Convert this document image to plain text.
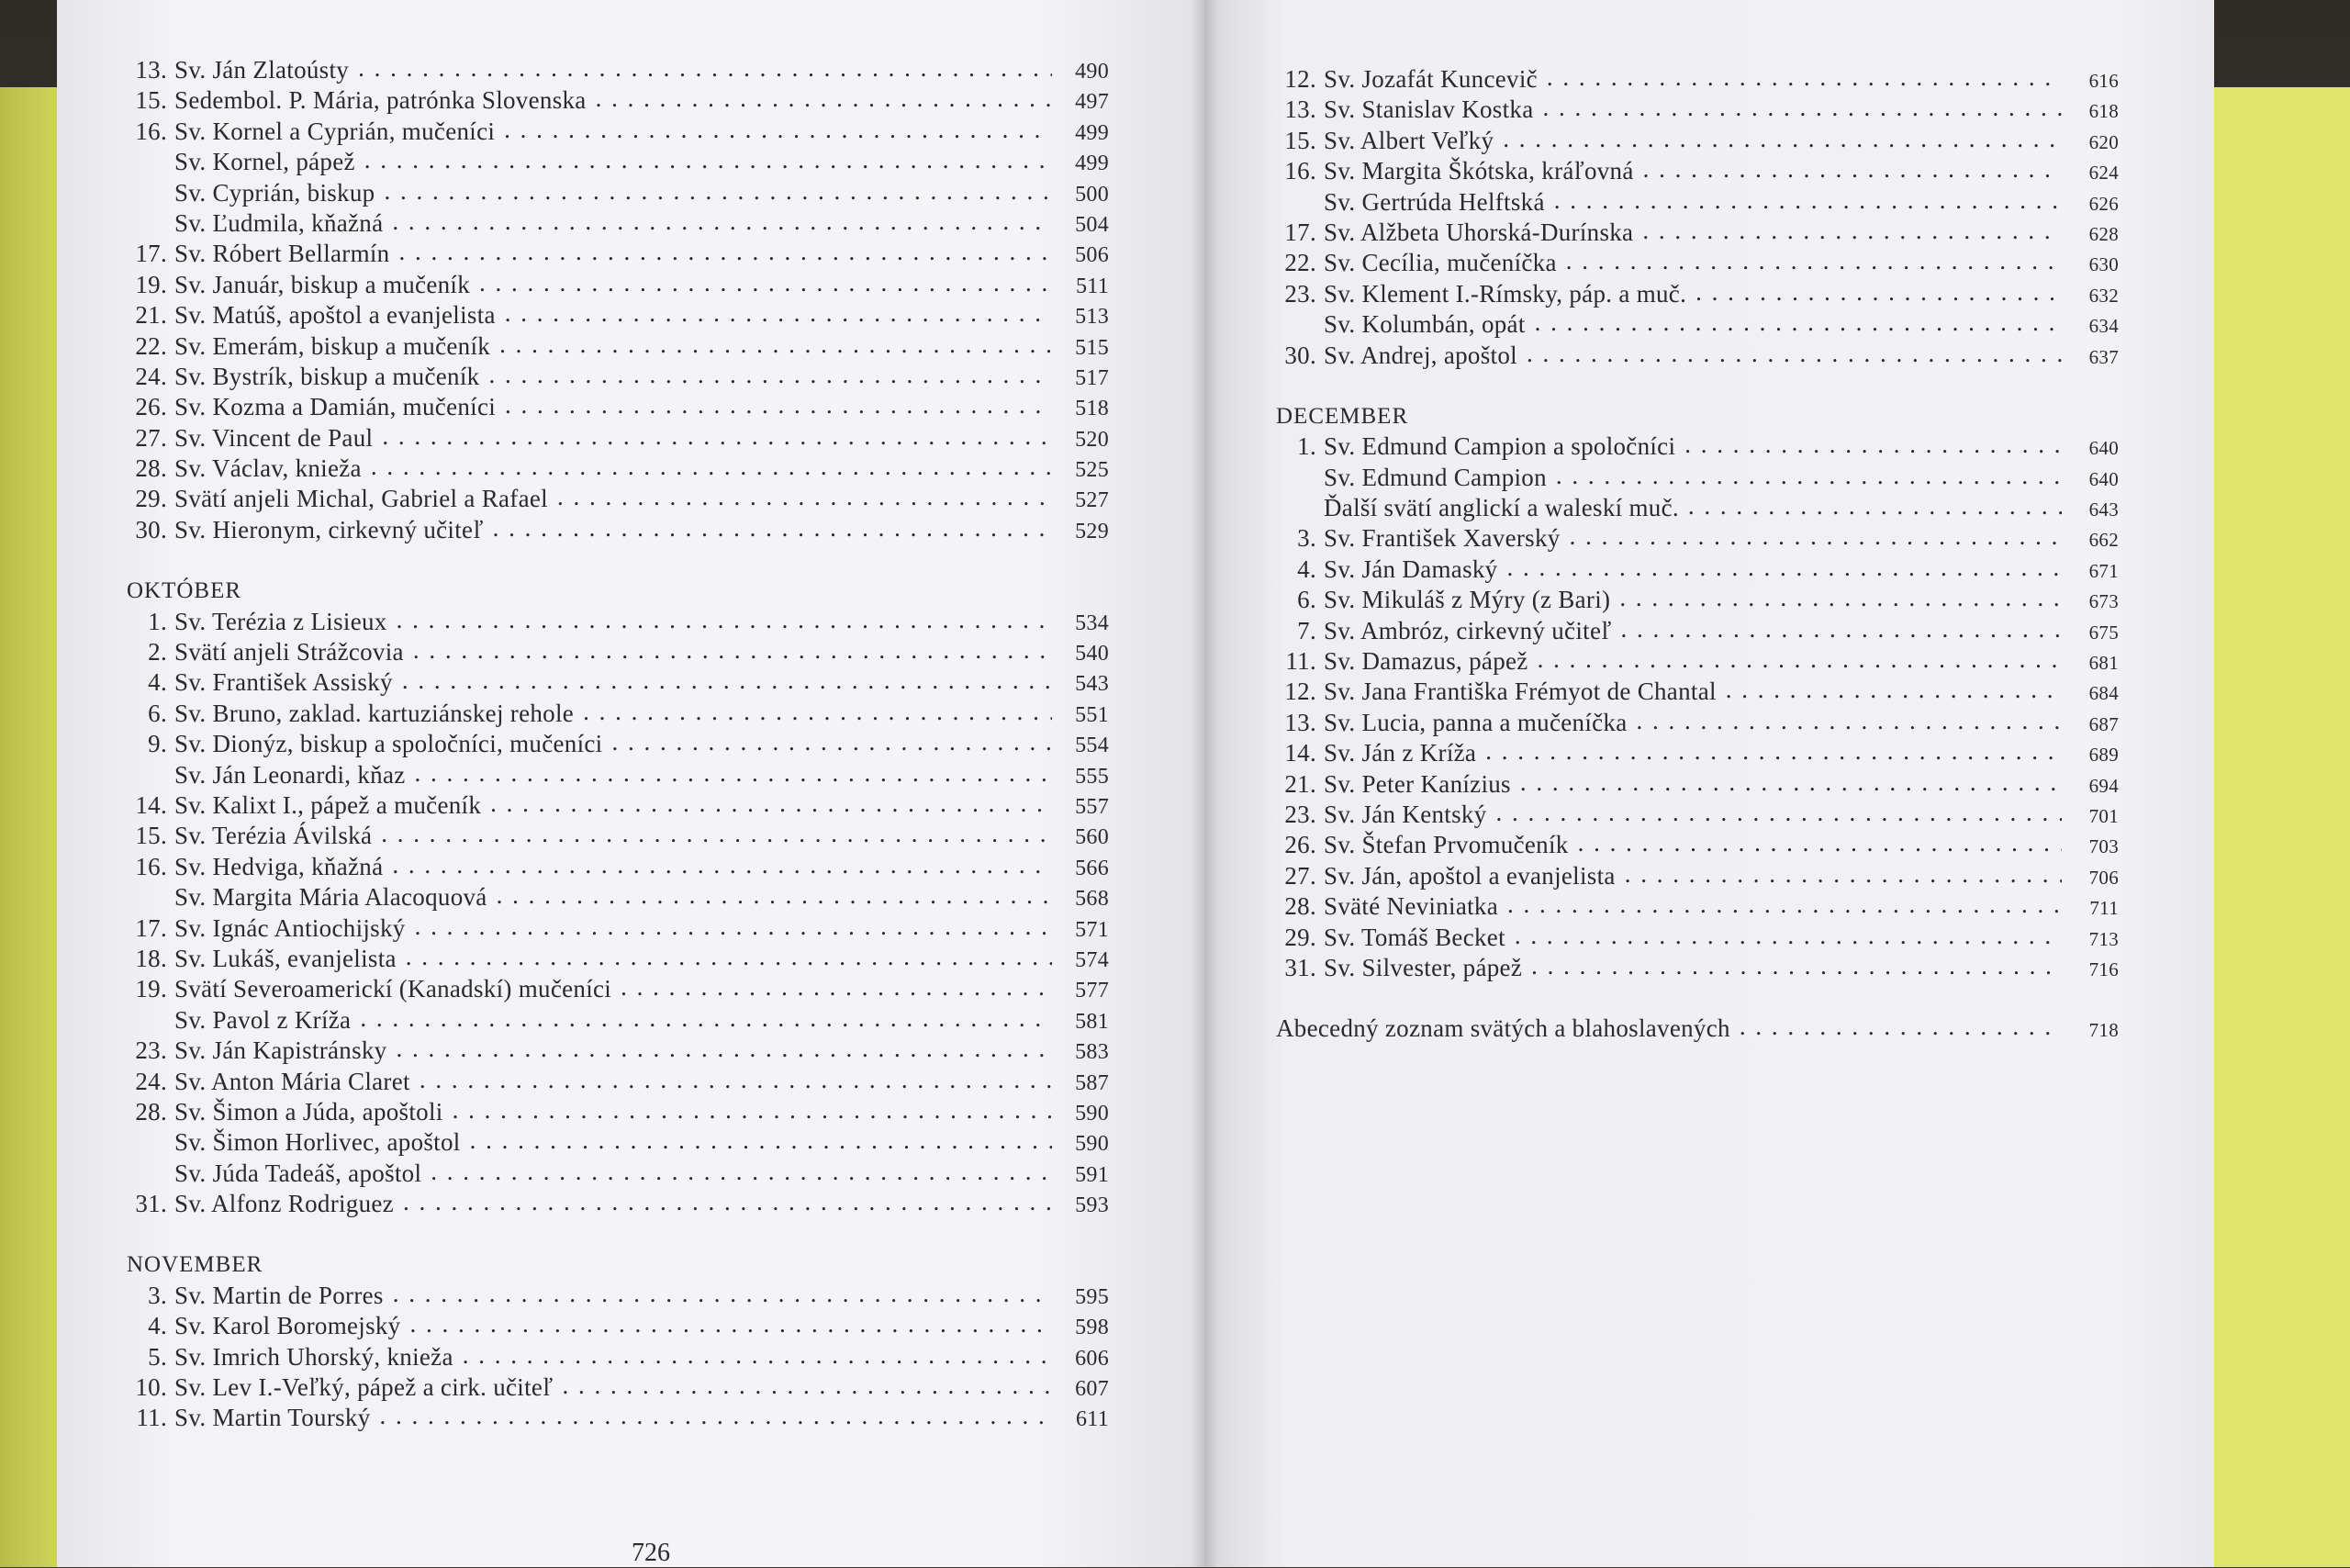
13. Sv. Ján Zlatoústy . . .	490
15. Sedembol. P. Mária, patrónka Slovenska . . .	497
16. Sv. Kornel a Cyprián, mučeníci . . .	499
Sv. Kornel, pápež . . .	499
Sv. Cyprián, biskup . . .	500
Sv. Ľudmila, kňažná . . .	504
17. Sv. Róbert Bellarmín . . .	506
19. Sv. Január, biskup a mučeník . . .	511
21. Sv. Matúš, apoštol a evanjelista . . .	513
22. Sv. Emerám, biskup a mučeník . . .	515
24. Sv. Bystrík, biskup a mučeník . . .	517
26. Sv. Kozma a Damián, mučeníci . . .	518
27. Sv. Vincent de Paul . . .	520
28. Sv. Václav, knieža . . .	525
29. Svätí anjeli Michal, Gabriel a Rafael . . .	527
30. Sv. Hieronym, cirkevný učiteľ . . .	529
OKTÓBER
1. Sv. Terézia z Lisieux . . .	534
2. Svätí anjeli Strážcovia . . .	540
4. Sv. František Assiský . . .	543
6. Sv. Bruno, zaklad. kartuziánskej rehole . . .	551
9. Sv. Dionýz, biskup a spoločníci, mučeníci . . .	554
Sv. Ján Leonardi, kňaz . . .	555
14. Sv. Kalixt I., pápež a mučeník . . .	557
15. Sv. Terézia Ávilská . . .	560
16. Sv. Hedviga, kňažná . . .	566
Sv. Margita Mária Alacoquová . . .	568
17. Sv. Ignác Antiochijský . . .	571
18. Sv. Lukáš, evanjelista . . .	574
19. Svätí Severoamerickí (Kanadskí) mučeníci . . .	577
Sv. Pavol z Kríža . . .	581
23. Sv. Ján Kapistránsky . . .	583
24. Sv. Anton Mária Claret . . .	587
28. Sv. Šimon a Júda, apoštoli . . .	590
Sv. Šimon Horlivec, apoštol . . .	590
Sv. Júda Tadeáš, apoštol . . .	591
31. Sv. Alfonz Rodriguez . . .	593
NOVEMBER
3. Sv. Martin de Porres . . .	595
4. Sv. Karol Boromejský . . .	598
5. Sv. Imrich Uhorský, knieža . . .	606
10. Sv. Lev I.-Veľký, pápež a cirk. učiteľ . . .	607
11. Sv. Martin Tourský . . .	611
12. Sv. Jozafát Kuncevič . . .	616
13. Sv. Stanislav Kostka . . .	618
15. Sv. Albert Veľký . . .	620
16. Sv. Margita Škótska, kráľovná . . .	624
Sv. Gertrúda Helftská . . .	626
17. Sv. Alžbeta Uhorská-Durínska . . .	628
22. Sv. Cecília, mučeníčka . . .	630
23. Sv. Klement I.-Rímsky, páp. a muč. . . .	632
Sv. Kolumbán, opát . . .	634
30. Sv. Andrej, apoštol . . .	637
DECEMBER
1. Sv. Edmund Campion a spoločníci . . .	640
Sv. Edmund Campion . . .	640
Ďalší svätí anglickí a waleskí muč. . . .	643
3. Sv. František Xaverský . . .	662
4. Sv. Ján Damaský . . .	671
6. Sv. Mikuláš z Mýry (z Bari) . . .	673
7. Sv. Ambróz, cirkevný učiteľ . . .	675
11. Sv. Damazus, pápež . . .	681
12. Sv. Jana Františka Frémyot de Chantal . . .	684
13. Sv. Lucia, panna a mučeníčka . . .	687
14. Sv. Ján z Kríža . . .	689
21. Sv. Peter Kanízius . . .	694
23. Sv. Ján Kentský . . .	701
26. Sv. Štefan Prvomučeník . . .	703
27. Sv. Ján, apoštol a evanjelista . . .	706
28. Sväté Neviniatka . . .	711
29. Sv. Tomáš Becket . . .	713
31. Sv. Silvester, pápež . . .	716
Abecedný zoznam svätých a blahoslavených . . .	718
726
